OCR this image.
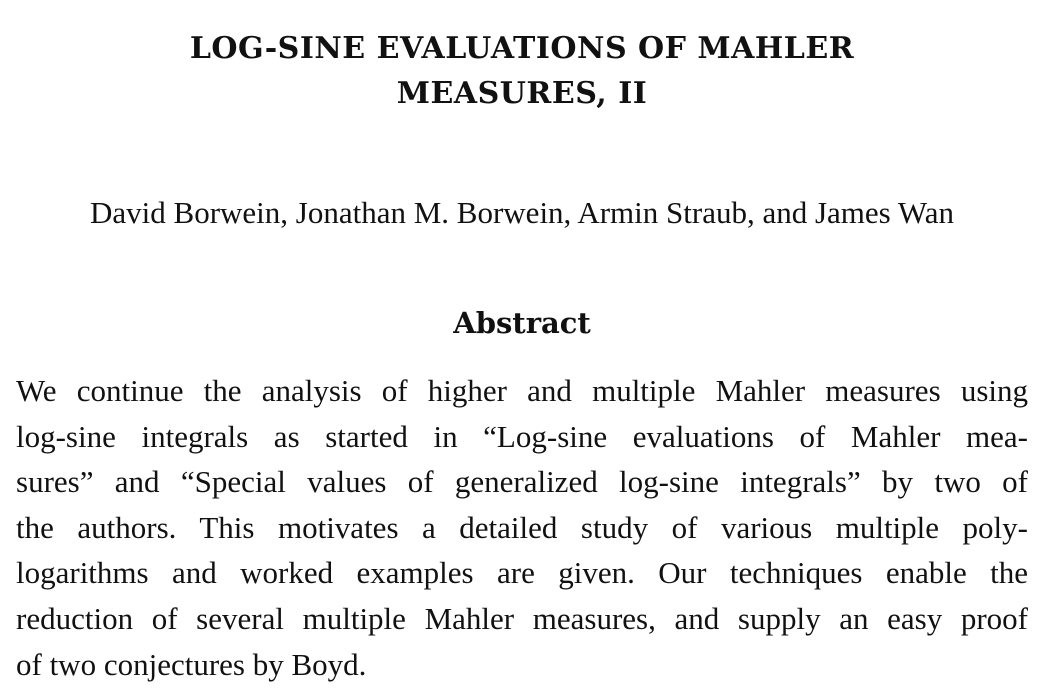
LOG-SINE EVALUATIONS OF MAHLER
MEASURES, II
David Borwein, Jonathan M. Borwein, Armin Straub, and James Wan
Abstract
We continue the analysis of higher and multiple Mahler measures using
log-sine integrals as started in “Log-sine evaluations of Mahler mea-
sures” and “Special values of generalized log-sine integrals” by two of
the authors. This motivates a detailed study of various multiple poly-
logarithms and worked examples are given. Our techniques enable the
reduction of several multiple Mahler measures, and supply an easy proof
of two conjectures by Boyd.
